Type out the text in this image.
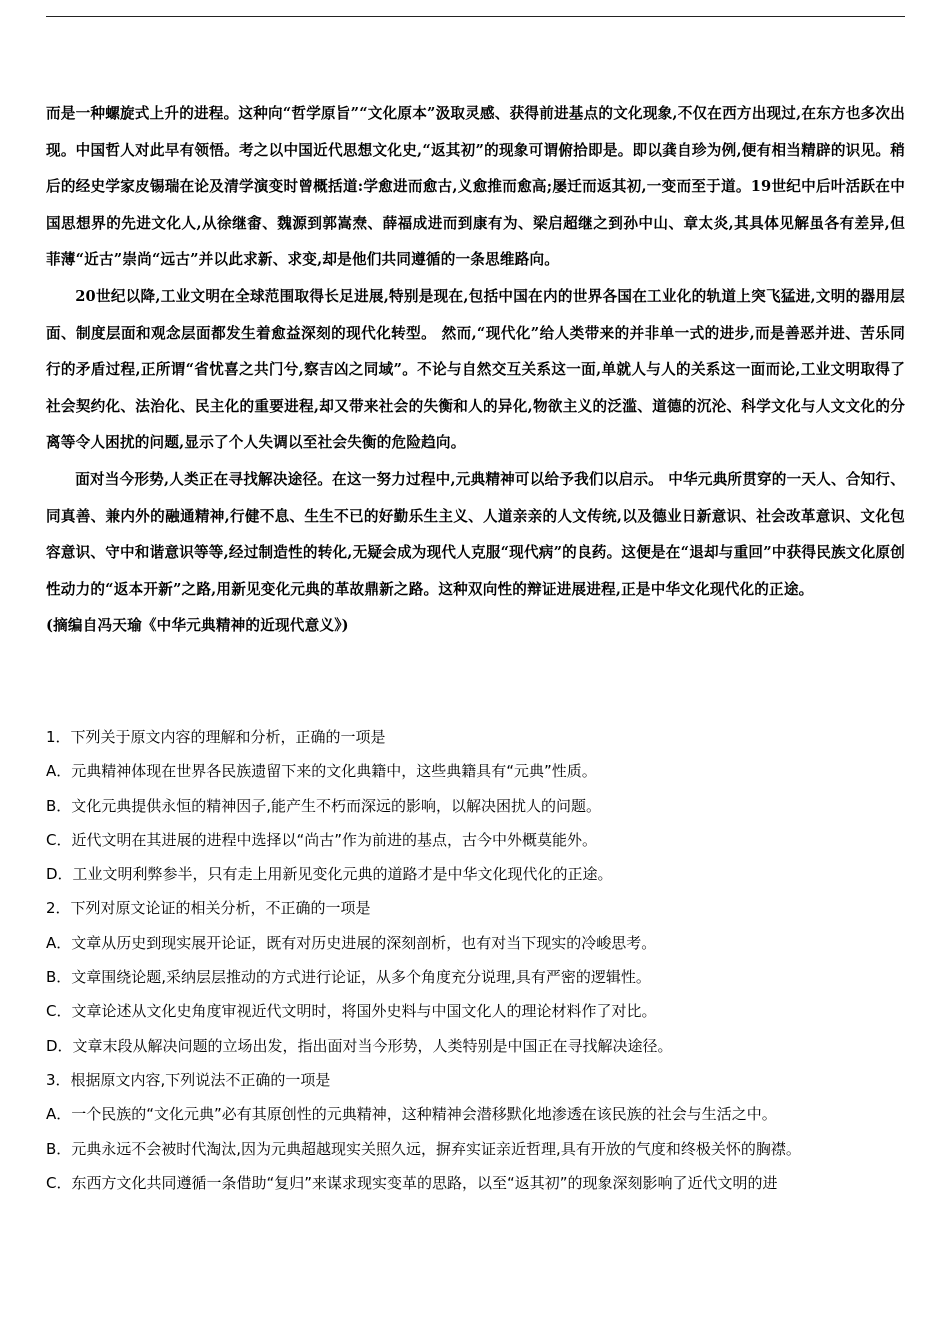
而是一种螺旋式上升的进程。这种向“哲学原旨”“文化原本”汲取灵感、获得前进基点的文化现象,不仅在西方出现过,在东方也多次出现。中国哲人对此早有领悟。考之以中国近代思想文化史,“返其初”的现象可谓俯拾即是。即以龚自珍为例,便有相当精辟的识见。稍后的经史学家皮锡瑞在论及清学演变时曾概括道:学愈进而愈古,义愈推而愈高;屡迁而返其初,一变而至于道。19世纪中后叶活跃在中国思想界的先进文化人,从徐继畬、魏源到郭嵩焘、薛福成进而到康有为、梁启超继之到孙中山、章太炎,其具体见解虽各有差异,但菲薄“近古”崇尚“远古”并以此求新、求变,却是他们共同遵循的一条思维路向。

20世纪以降,工业文明在全球范围取得长足进展,特别是现在,包括中国在内的世界各国在工业化的轨道上突飞猛进,文明的器用层面、制度层面和观念层面都发生着愈益深刻的现代化转型。 然而,“现代化”给人类带来的并非单一式的进步,而是善恶并进、苦乐同行的矛盾过程,正所谓“省忧喜之共门兮,察吉凶之同域”。不论与自然交互关系这一面,单就人与人的关系这一面而论,工业文明取得了社会契约化、法治化、民主化的重要进程,却又带来社会的失衡和人的异化,物欲主义的泛滥、道德的沉沦、科学文化与人文文化的分离等令人困扰的问题,显示了个人失调以至社会失衡的危险趋向。

面对当今形势,人类正在寻找解决途径。在这一努力过程中,元典精神可以给予我们以启示。 中华元典所贯穿的一天人、合知行、同真善、兼内外的融通精神,行健不息、生生不已的好勤乐生主义、人道亲亲的人文传统,以及德业日新意识、社会改革意识、文化包容意识、守中和谐意识等等,经过制造性的转化,无疑会成为现代人克服“现代病”的良药。这便是在“退却与重回”中获得民族文化原创性动力的“返本开新”之路,用新见变化元典的革故鼎新之路。这种双向性的辩证进展进程,正是中华文化现代化的正途。

(摘编自冯天瑜《中华元典精神的近现代意义》)

1．下列关于原文内容的理解和分析，正确的一项是
A．元典精神体现在世界各民族遗留下来的文化典籍中，这些典籍具有“元典”性质。
B．文化元典提供永恒的精神因子,能产生不朽而深远的影响，以解决困扰人的问题。
C．近代文明在其进展的进程中选择以“尚古”作为前进的基点，古今中外概莫能外。
D．工业文明利弊参半，只有走上用新见变化元典的道路才是中华文化现代化的正途。
2．下列对原文论证的相关分析，不正确的一项是
A．文章从历史到现实展开论证，既有对历史进展的深刻剖析，也有对当下现实的冷峻思考。
B．文章围绕论题,采纳层层推动的方式进行论证，从多个角度充分说理,具有严密的逻辑性。
C．文章论述从文化史角度审视近代文明时，将国外史料与中国文化人的理论材料作了对比。
D．文章末段从解决问题的立场出发，指出面对当今形势，人类特别是中国正在寻找解决途径。
3．根据原文内容,下列说法不正确的一项是
A．一个民族的“文化元典”必有其原创性的元典精神，这种精神会潜移默化地渗透在该民族的社会与生活之中。
B．元典永远不会被时代淘汰,因为元典超越现实关照久远，摒弃实证亲近哲理,具有开放的气度和终极关怀的胸襟。
C．东西方文化共同遵循一条借助“复归”来谋求现实变革的思路，以至“返其初”的现象深刻影响了近代文明的进
